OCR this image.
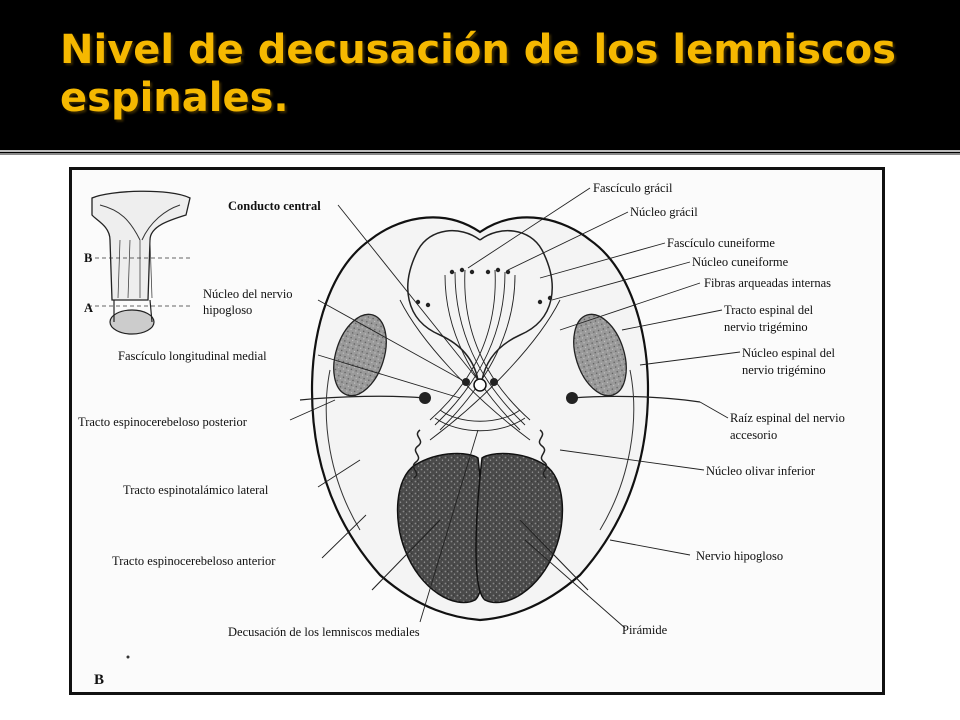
Nivel de decusación de los lemniscos
espinales.
B
A
Conducto central
Núcleo del nervio
hipogloso
Fascículo longitudinal medial
Tracto espinocerebeloso posterior
Tracto espinotalámico lateral
Tracto espinocerebeloso anterior
Decusación de los lemniscos mediales
Fascículo grácil
Núcleo grácil
Fascículo cuneiforme
Núcleo cuneiforme
Fibras arqueadas internas
Tracto espinal del
nervio trigémino
Núcleo espinal del
nervio trigémino
Raíz espinal del nervio
accesorio
Núcleo olivar inferior
Nervio hipogloso
Pirámide
B
